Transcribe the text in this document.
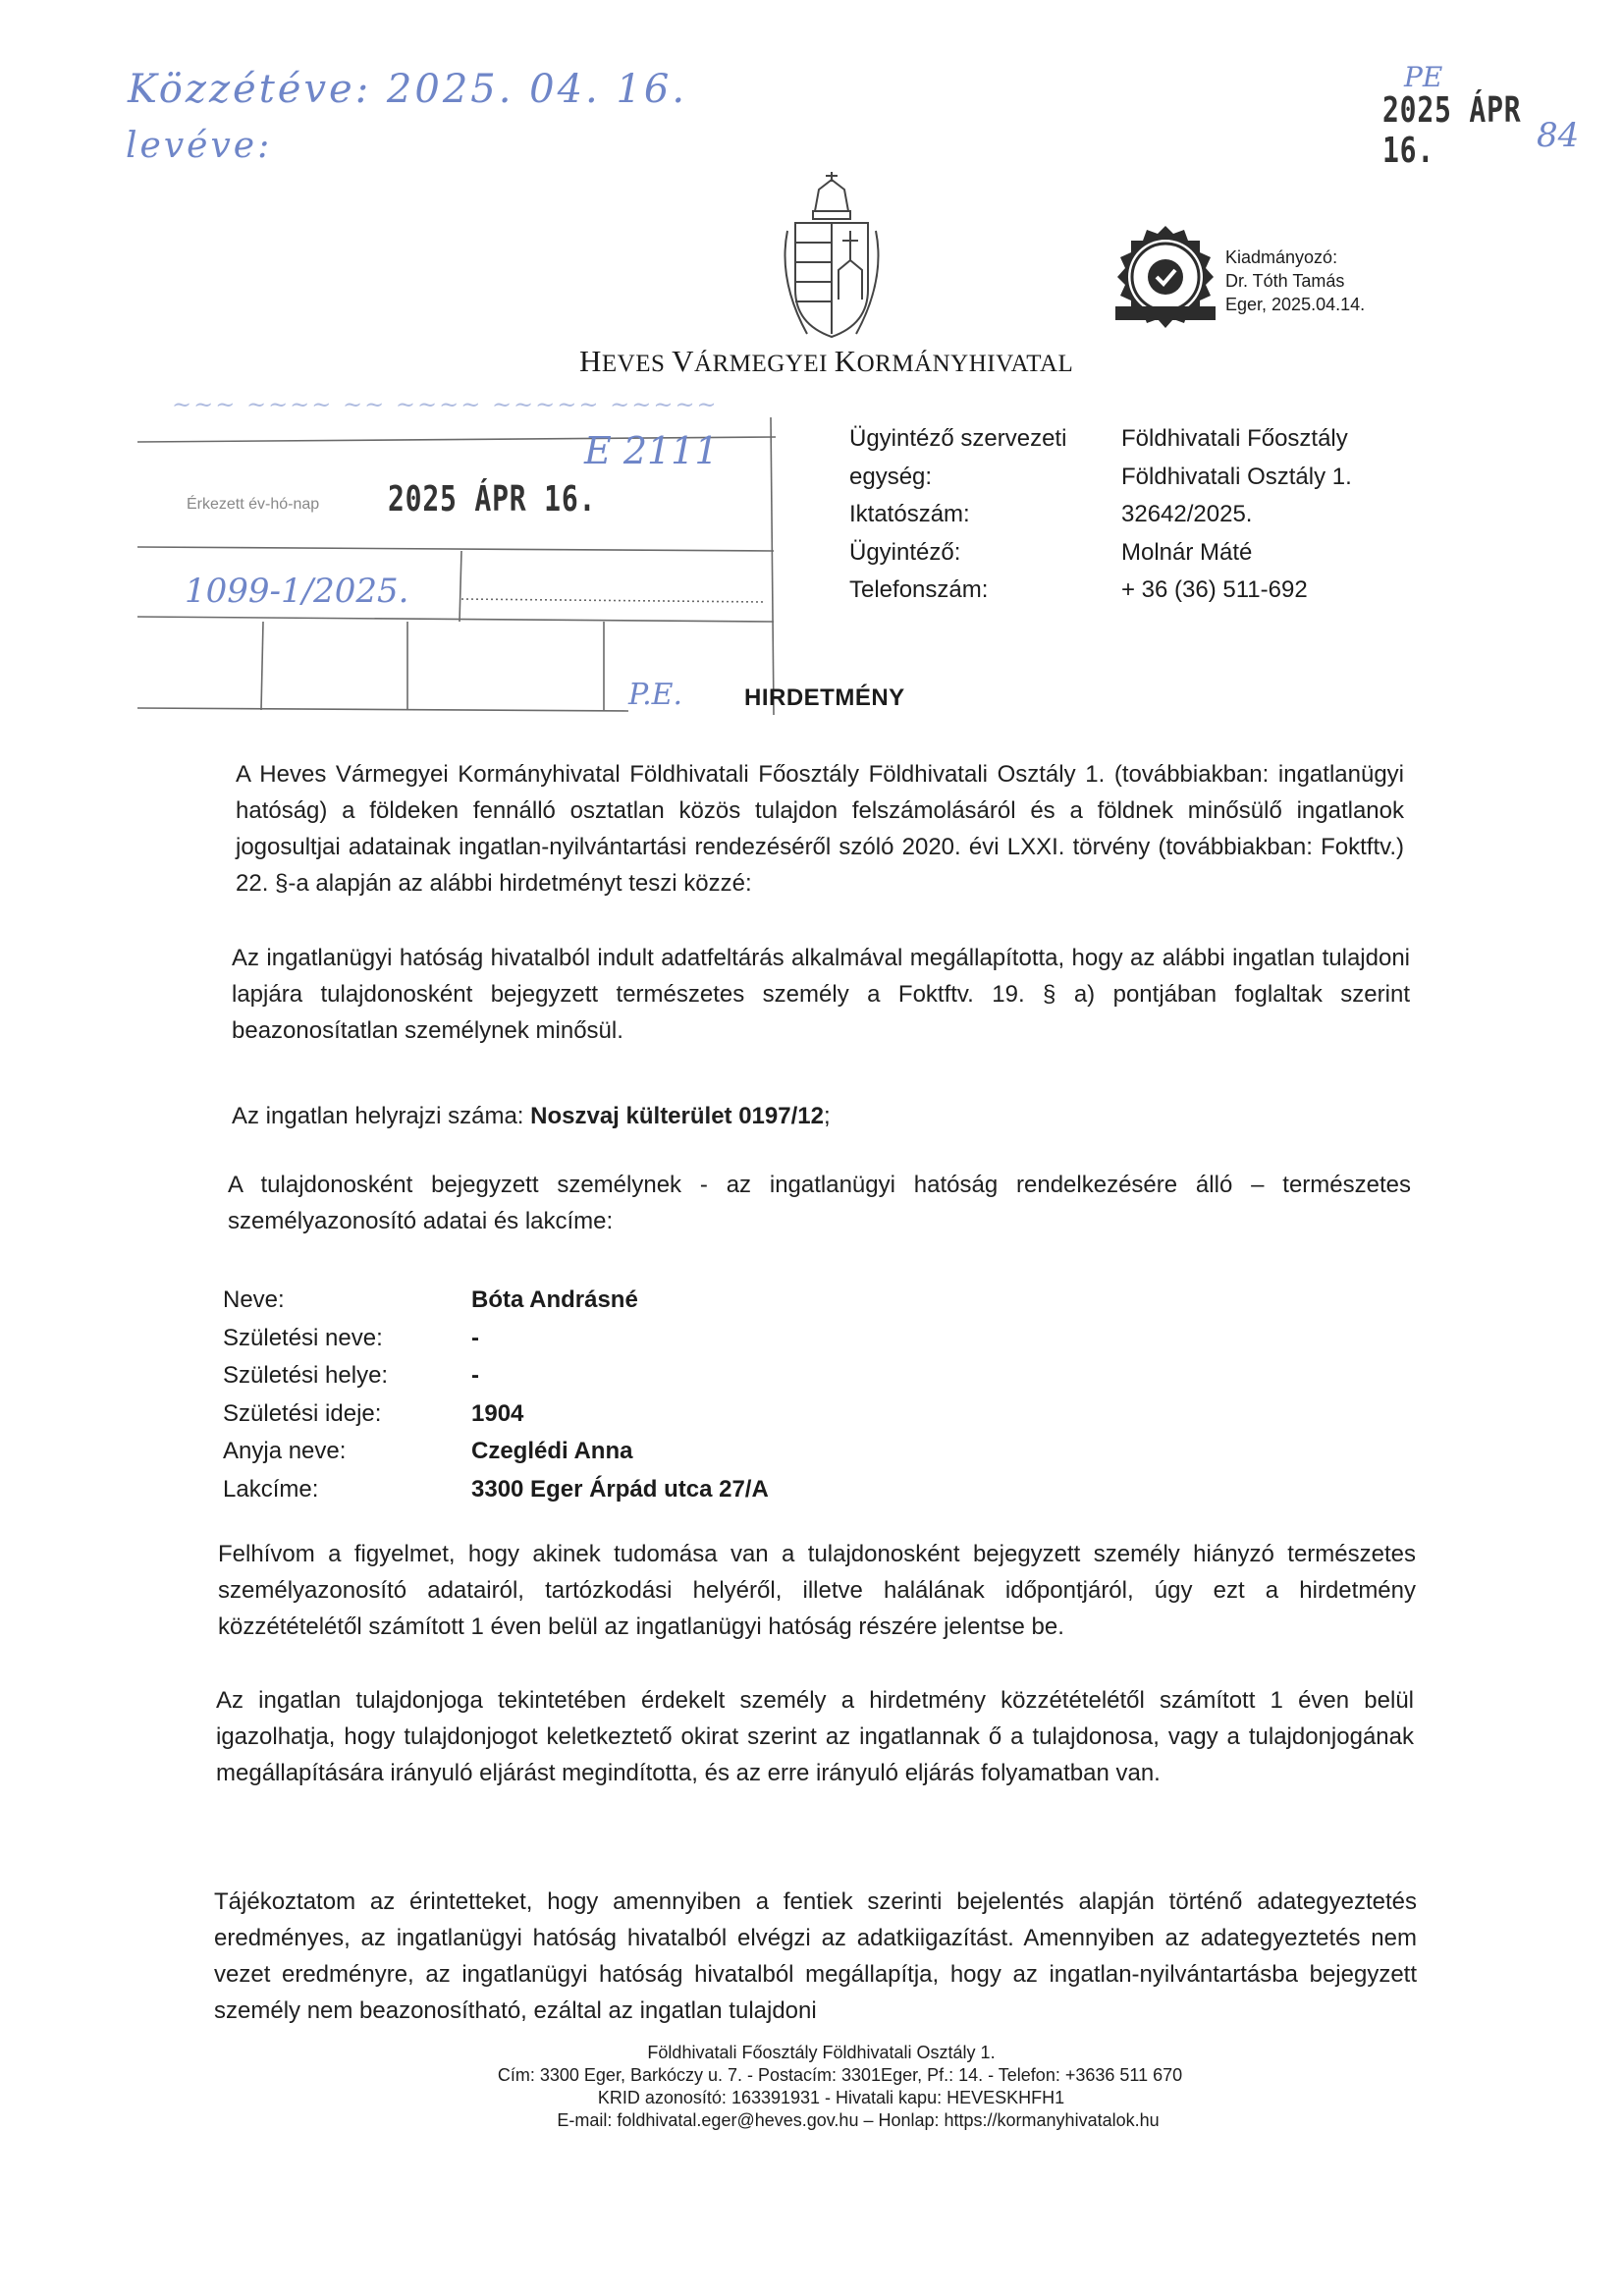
Közzétéve: 2025. 04. 16.
levéve:
PE
2025 ÁPR 16.	84
HEVES VÁRMEGYEI KORMÁNYHIVATAL
Kiadmányozó:
Dr. Tóth Tamás
Eger, 2025.04.14.
~~~ ~~~~ ~~ ~~~~ ~~~~~ ~~~~~
E 2111
Érkezett év-hó-nap 2025 ÁPR 16.
1099-1/2025.
P.E.
Ügyintéző szervezeti	Földhivatali Főosztály
egység:	Földhivatali Osztály 1.
Iktatószám:	32642/2025.
Ügyintéző:	Molnár Máté
Telefonszám:	+ 36 (36) 511-692
HIRDETMÉNY
A Heves Vármegyei Kormányhivatal Földhivatali Főosztály Földhivatali Osztály 1. (továbbiakban: ingatlanügyi hatóság) a földeken fennálló osztatlan közös tulajdon felszámolásáról és a földnek minősülő ingatlanok jogosultjai adatainak ingatlan-nyilvántartási rendezéséről szóló 2020. évi LXXI. törvény (továbbiakban: Foktftv.) 22. §-a alapján az alábbi hirdetményt teszi közzé:
Az ingatlanügyi hatóság hivatalból indult adatfeltárás alkalmával megállapította, hogy az alábbi ingatlan tulajdoni lapjára tulajdonosként bejegyzett természetes személy a Foktftv. 19. § a) pontjában foglaltak szerint beazonosítatlan személynek minősül.
Az ingatlan helyrajzi száma: Noszvaj külterület 0197/12;
A tulajdonosként bejegyzett személynek - az ingatlanügyi hatóság rendelkezésére álló – természetes személyazonosító adatai és lakcíme:
Neve:	Bóta Andrásné
Születési neve:	-
Születési helye:	-
Születési ideje:	1904
Anyja neve:	Czeglédi Anna
Lakcíme:	3300 Eger Árpád utca 27/A
Felhívom a figyelmet, hogy akinek tudomása van a tulajdonosként bejegyzett személy hiányzó természetes személyazonosító adatairól, tartózkodási helyéről, illetve halálának időpontjáról, úgy ezt a hirdetmény közzétételétől számított 1 éven belül az ingatlanügyi hatóság részére jelentse be.
Az ingatlan tulajdonjoga tekintetében érdekelt személy a hirdetmény közzétételétől számított 1 éven belül igazolhatja, hogy tulajdonjogot keletkeztető okirat szerint az ingatlannak ő a tulajdonosa, vagy a tulajdonjogának megállapítására irányuló eljárást megindította, és az erre irányuló eljárás folyamatban van.
Tájékoztatom az érintetteket, hogy amennyiben a fentiek szerinti bejelentés alapján történő adategyeztetés eredményes, az ingatlanügyi hatóság hivatalból elvégzi az adatkiigazítást. Amennyiben az adategyeztetés nem vezet eredményre, az ingatlanügyi hatóság hivatalból megállapítja, hogy az ingatlan-nyilvántartásba bejegyzett személy nem beazonosítható, ezáltal az ingatlan tulajdoni
Földhivatali Főosztály Földhivatali Osztály 1.
Cím: 3300 Eger, Barkóczy u. 7. - Postacím: 3301Eger, Pf.: 14. - Telefon: +3636 511 670
KRID azonosító: 163391931 - Hivatali kapu: HEVESKHFH1
E-mail: foldhivatal.eger@heves.gov.hu – Honlap: https://kormanyhivatalok.hu
